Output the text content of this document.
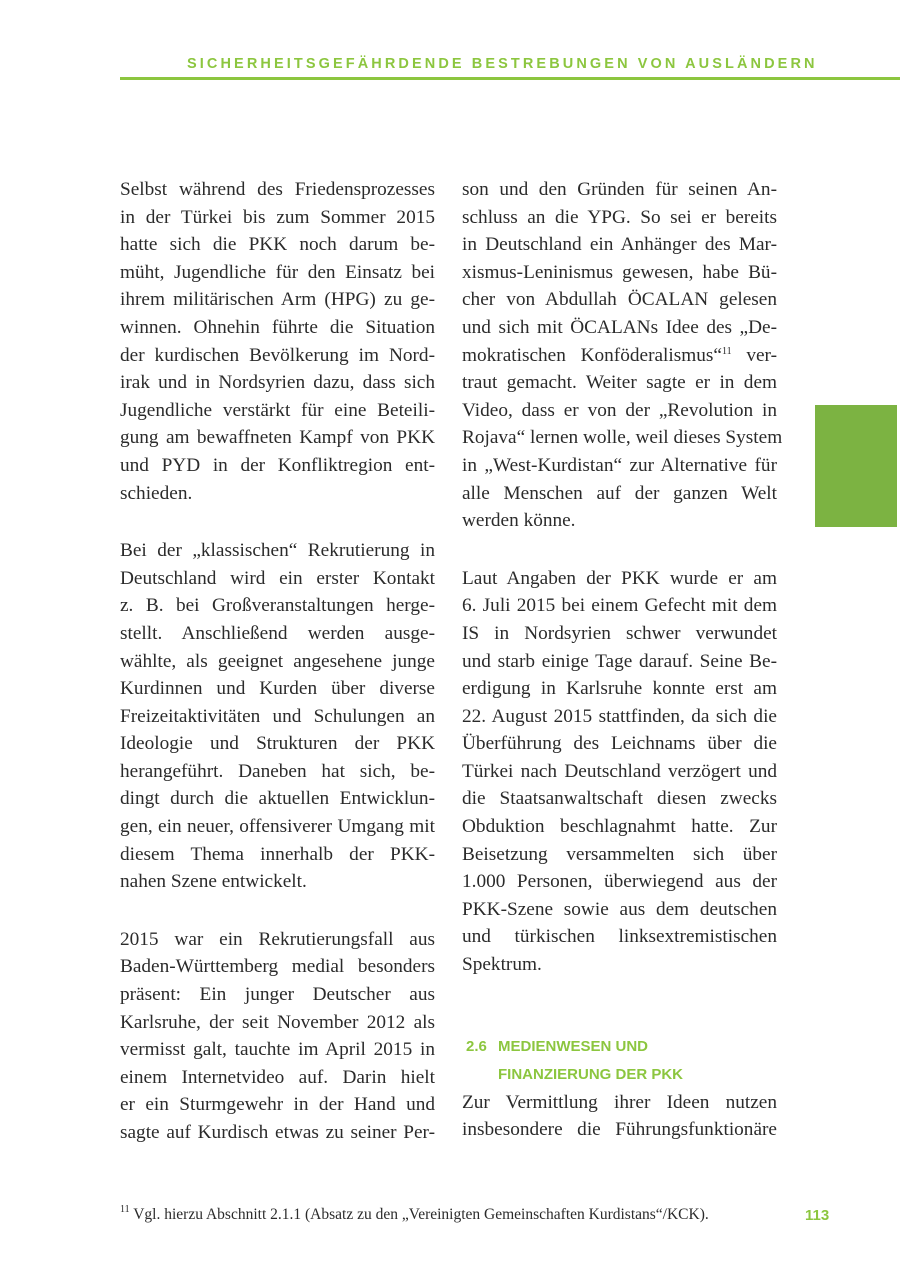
SICHERHEITSGEFÄHRDENDE BESTREBUNGEN VON AUSLÄNDERN
Selbst während des Friedensprozesses
in der Türkei bis zum Sommer 2015
hatte sich die PKK noch darum be-
müht, Jugendliche für den Einsatz bei
ihrem militärischen Arm (HPG) zu ge-
winnen. Ohnehin führte die Situation
der kurdischen Bevölkerung im Nord-
irak und in Nordsyrien dazu, dass sich
Jugendliche verstärkt für eine Beteili-
gung am bewaffneten Kampf von PKK
und PYD in der Konfliktregion ent-
schieden.
Bei der „klassischen“ Rekrutierung in
Deutschland wird ein erster Kontakt
z. B. bei Großveranstaltungen herge-
stellt. Anschließend werden ausge-
wählte, als geeignet angesehene junge
Kurdinnen und Kurden über diverse
Freizeitaktivitäten und Schulungen an
Ideologie und Strukturen der PKK
herangeführt. Daneben hat sich, be-
dingt durch die aktuellen Entwicklun-
gen, ein neuer, offensiverer Umgang mit
diesem Thema innerhalb der PKK-
nahen Szene entwickelt.
2015 war ein Rekrutierungsfall aus
Baden-Württemberg medial besonders
präsent: Ein junger Deutscher aus
Karlsruhe, der seit November 2012 als
vermisst galt, tauchte im April 2015 in
einem Internetvideo auf. Darin hielt
er ein Sturmgewehr in der Hand und
sagte auf Kurdisch etwas zu seiner Per-
son und den Gründen für seinen An-
schluss an die YPG. So sei er bereits
in Deutschland ein Anhänger des Mar-
xismus-Leninismus gewesen, habe Bü-
cher von Abdullah ÖCALAN gelesen
und sich mit ÖCALANs Idee des „De-
mokratischen Konföderalismus“$^{11}$ ver-
traut gemacht. Weiter sagte er in dem
Video, dass er von der „Revolution in
Rojava“ lernen wolle, weil dieses System
in „West-Kurdistan“ zur Alternative für
alle Menschen auf der ganzen Welt
werden könne.
Laut Angaben der PKK wurde er am
6. Juli 2015 bei einem Gefecht mit dem
IS in Nordsyrien schwer verwundet
und starb einige Tage darauf. Seine Be-
erdigung in Karlsruhe konnte erst am
22. August 2015 stattfinden, da sich die
Überführung des Leichnams über die
Türkei nach Deutschland verzögert und
die Staatsanwaltschaft diesen zwecks
Obduktion beschlagnahmt hatte. Zur
Beisetzung versammelten sich über
1.000 Personen, überwiegend aus der
PKK-Szene sowie aus dem deutschen
und türkischen linksextremistischen
Spektrum.
2.6 MEDIENWESEN UND
FINANZIERUNG DER PKK
Zur Vermittlung ihrer Ideen nutzen
insbesondere die Führungsfunktionäre
$^{11}$ Vgl. hierzu Abschnitt 2.1.1 (Absatz zu den „Vereinigten Gemeinschaften Kurdistans“/KCK).	113
